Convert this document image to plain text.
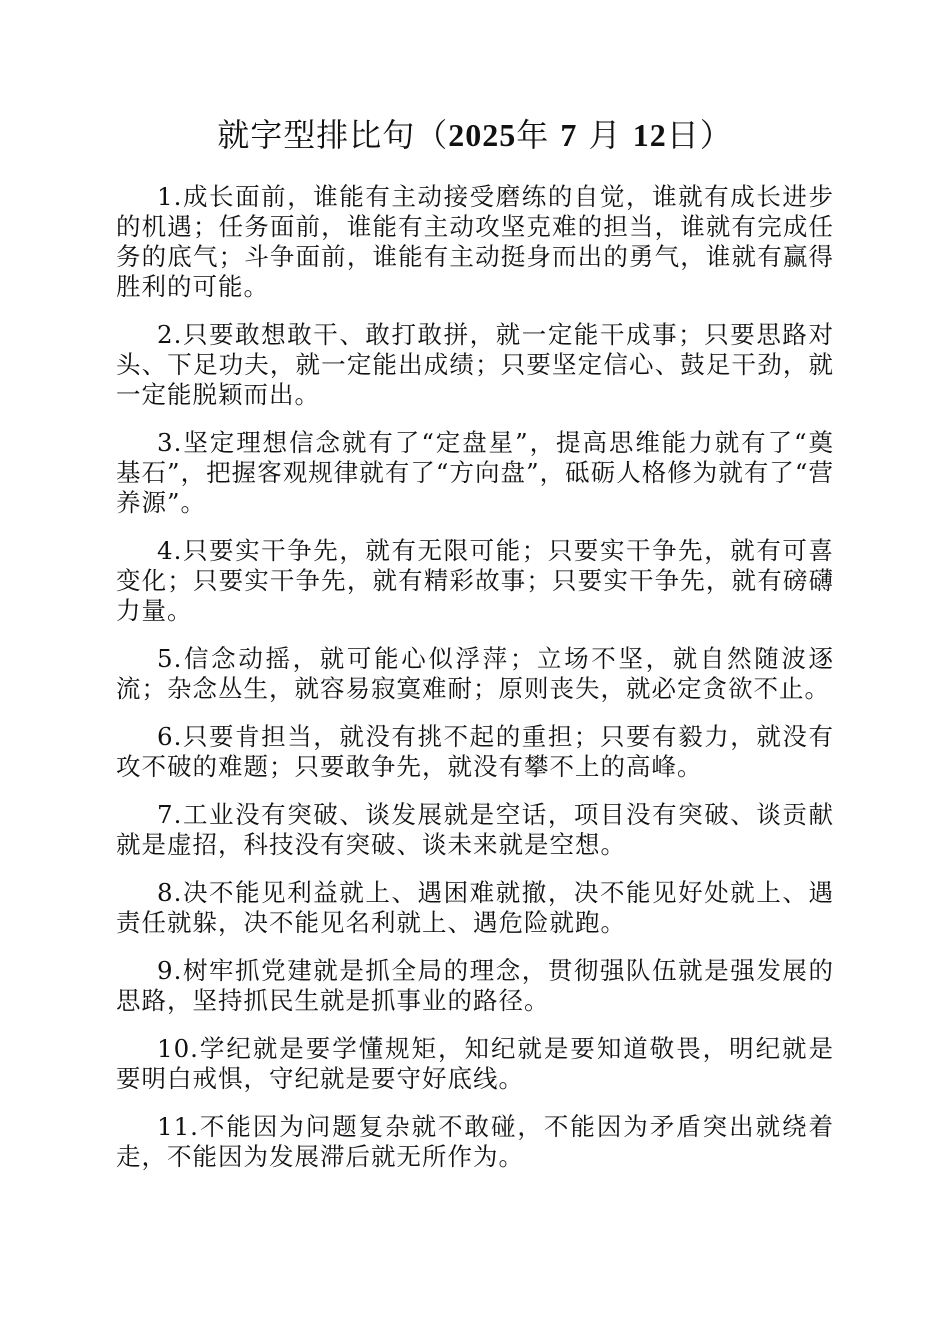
就字型排比句（2025年 7 月 12日）

1.成长面前，谁能有主动接受磨练的自觉，谁就有成长进步的机遇；任务面前，谁能有主动攻坚克难的担当，谁就有完成任务的底气；斗争面前，谁能有主动挺身而出的勇气，谁就有赢得胜利的可能。

2.只要敢想敢干、敢打敢拼，就一定能干成事；只要思路对头、下足功夫，就一定能出成绩；只要坚定信心、鼓足干劲，就一定能脱颖而出。

3.坚定理想信念就有了“定盘星”，提高思维能力就有了“奠基石”，把握客观规律就有了“方向盘”，砥砺人格修为就有了“营养源”。

4.只要实干争先，就有无限可能；只要实干争先，就有可喜变化；只要实干争先，就有精彩故事；只要实干争先，就有磅礴力量。

5.信念动摇，就可能心似浮萍；立场不坚，就自然随波逐流；杂念丛生，就容易寂寞难耐；原则丧失，就必定贪欲不止。

6.只要肯担当，就没有挑不起的重担；只要有毅力，就没有攻不破的难题；只要敢争先，就没有攀不上的高峰。

7.工业没有突破、谈发展就是空话，项目没有突破、谈贡献就是虚招，科技没有突破、谈未来就是空想。

8.决不能见利益就上、遇困难就撤，决不能见好处就上、遇责任就躲，决不能见名利就上、遇危险就跑。

9.树牢抓党建就是抓全局的理念，贯彻强队伍就是强发展的思路，坚持抓民生就是抓事业的路径。

10.学纪就是要学懂规矩，知纪就是要知道敬畏，明纪就是要明白戒惧，守纪就是要守好底线。

11.不能因为问题复杂就不敢碰，不能因为矛盾突出就绕着走，不能因为发展滞后就无所作为。
